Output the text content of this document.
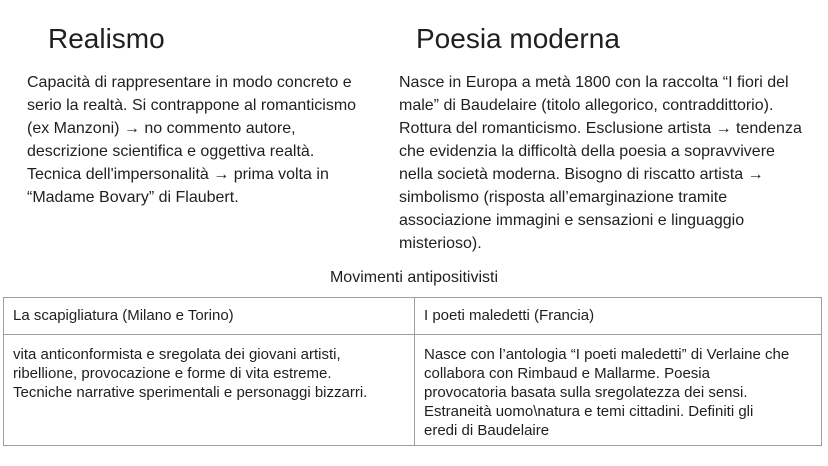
Realismo	Poesia moderna

Capacità di rappresentare in modo concreto e
serio la realtà. Si contrappone al romanticismo
(ex Manzoni) → no commento autore,
descrizione scientifica e oggettiva realtà.
Tecnica dell'impersonalità → prima volta in
“Madame Bovary” di Flaubert.

Nasce in Europa a metà 1800 con la raccolta “I fiori del
male” di Baudelaire (titolo allegorico, contraddittorio).
Rottura del romanticismo. Esclusione artista → tendenza
che evidenzia la difficoltà della poesia a sopravvivere
nella società moderna. Bisogno di riscatto artista →
simbolismo (risposta all’emarginazione tramite
associazione immagini e sensazioni e linguaggio
misterioso).

Movimenti antipositivisti
La scapigliatura (Milano e Torino)	I poeti maledetti (Francia)
vita anticonformista e sregolata dei giovani artisti,
ribellione, provocazione e forme di vita estreme.
Tecniche narrative sperimentali e personaggi bizzarri.
Nasce con l’antologia “I poeti maledetti” di Verlaine che
collabora con Rimbaud e Mallarme. Poesia
provocatoria basata sulla sregolatezza dei sensi.
Estraneità uomo\natura e temi cittadini. Definiti gli
eredi di Baudelaire
